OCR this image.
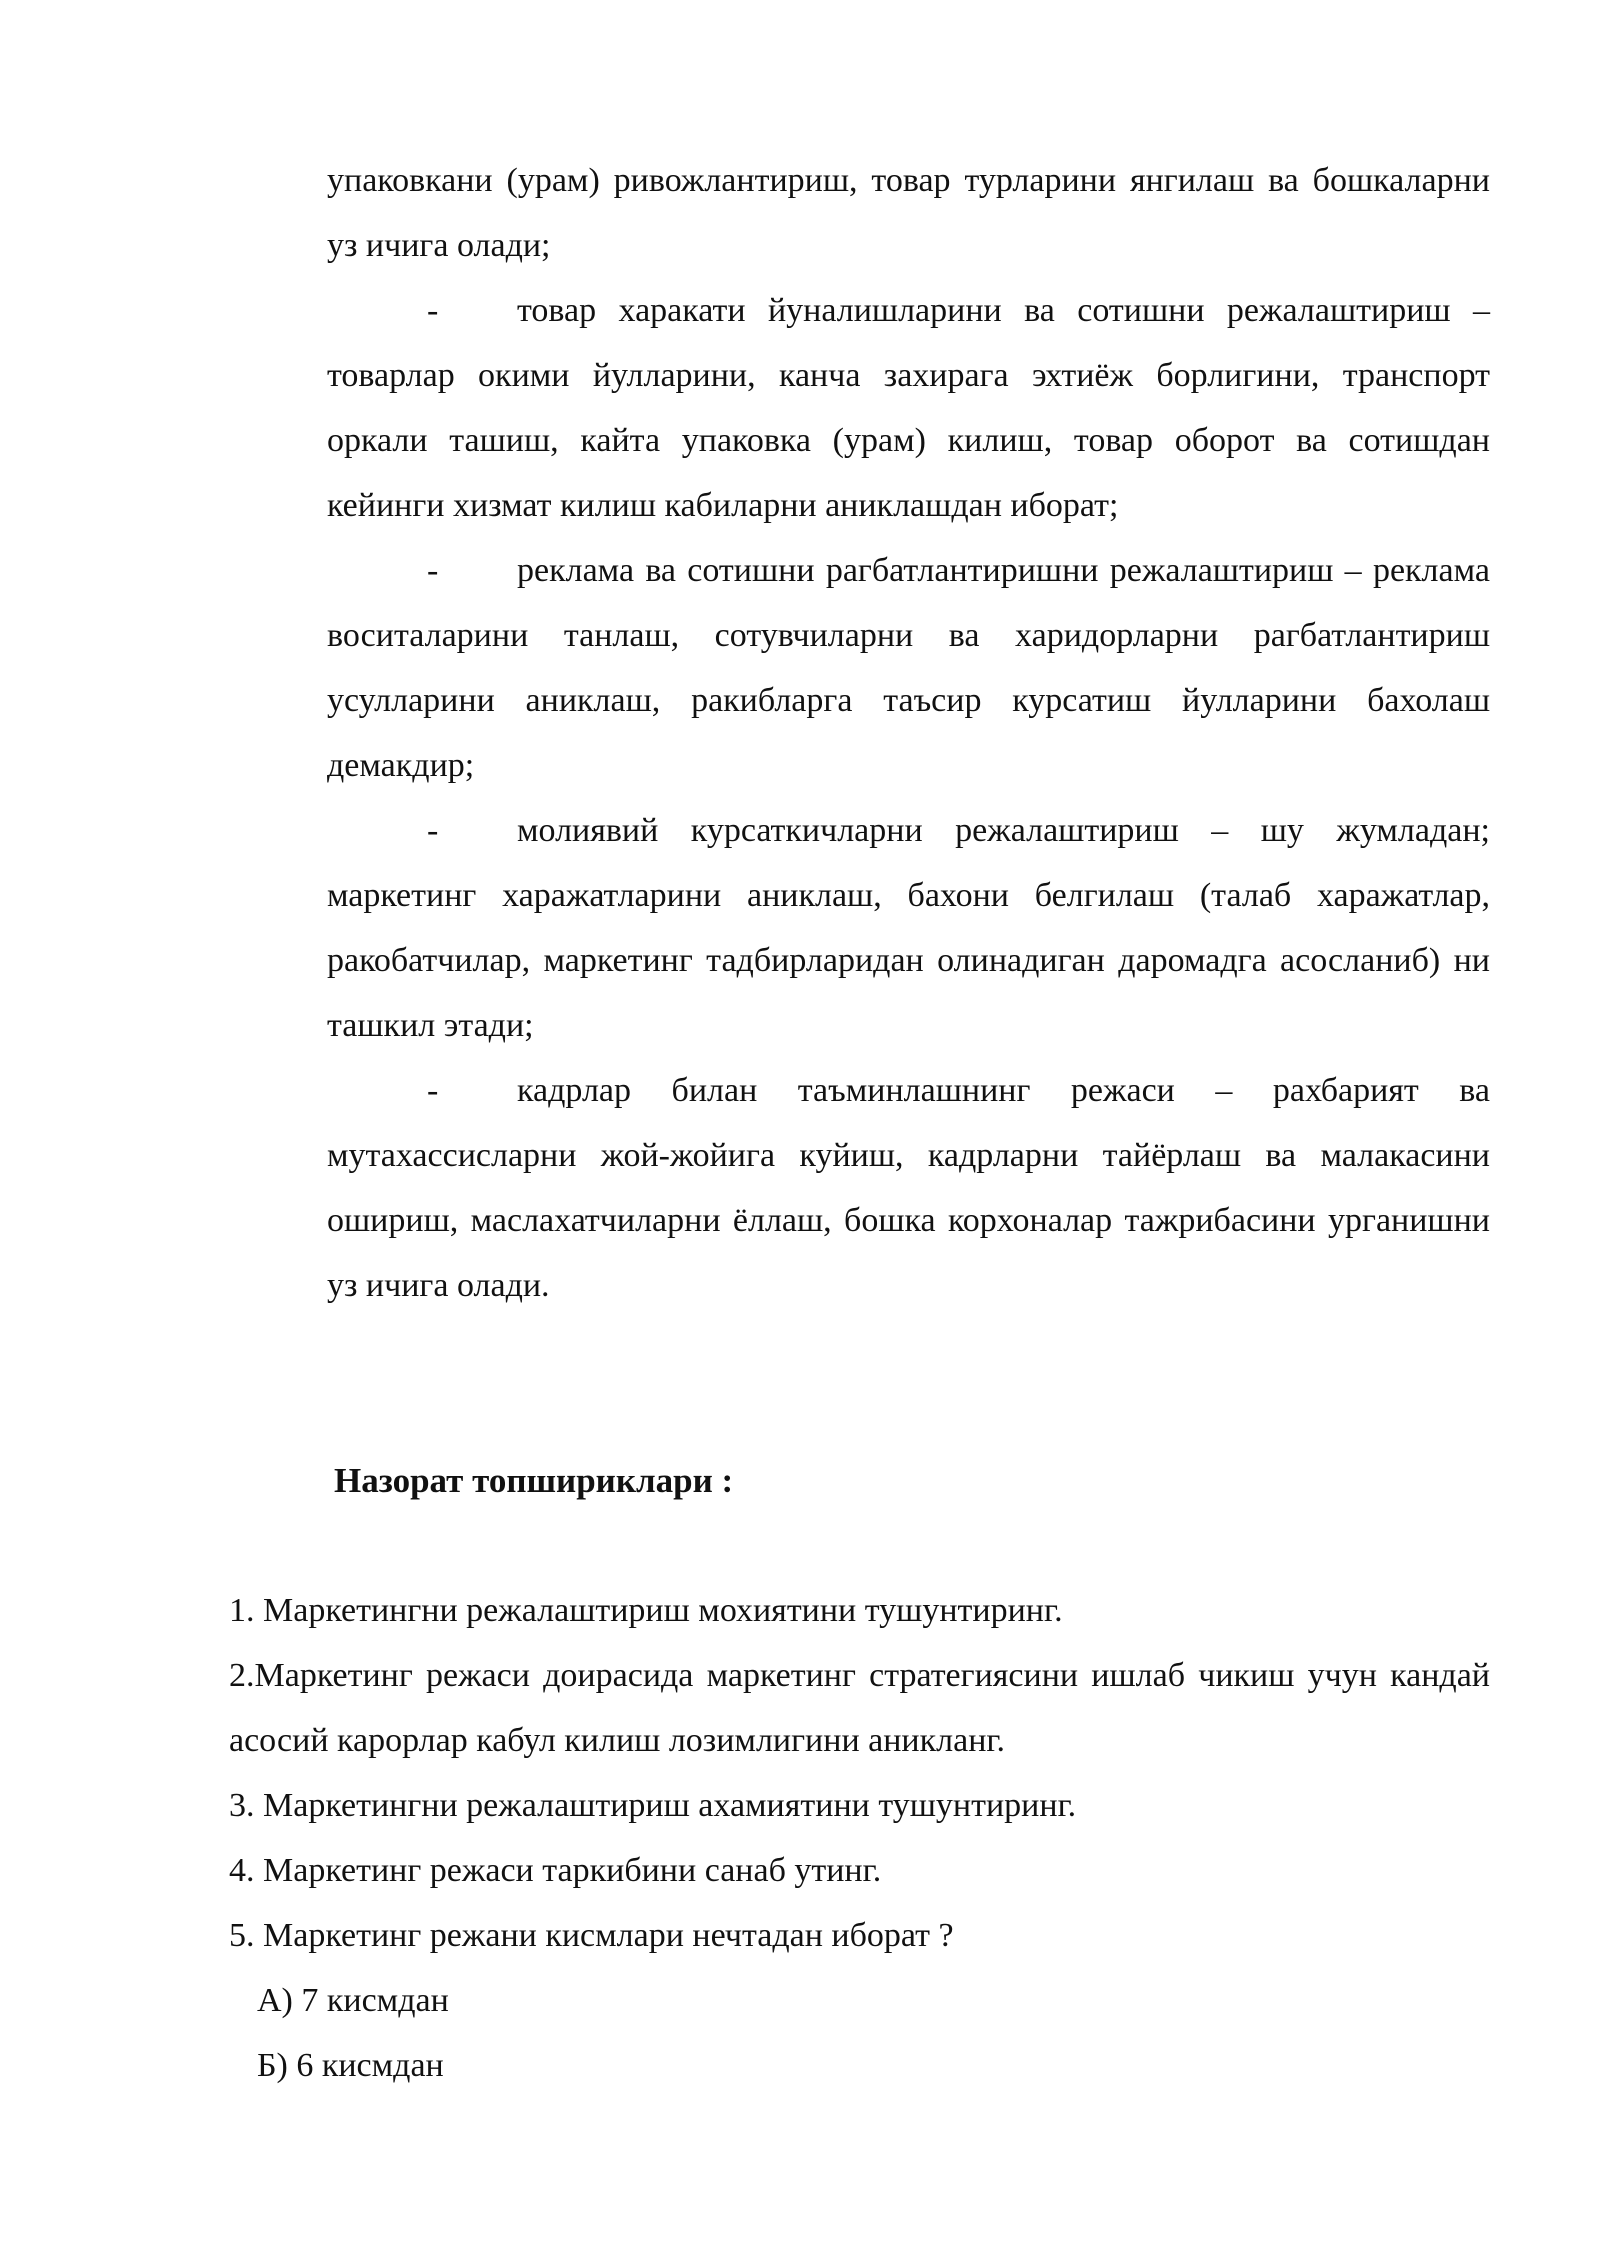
упаковкани (урам) ривожлантириш, товар турларини янгилаш ва бошкаларни уз ичига олади;

- товар харакати йуналишларини ва сотишни режалаштириш – товарлар окими йулларини, канча захирага эхтиёж борлигини, транспорт оркали ташиш, кайта упаковка (урам) килиш, товар оборот ва сотишдан кейинги хизмат килиш кабиларни аниклашдан иборат;

- реклама ва сотишни рагбатлантиришни режалаштириш – реклама воситаларини танлаш, сотувчиларни ва харидорларни рагбатлантириш усулларини аниклаш, ракибларга таъсир курсатиш йулларини бахолаш демакдир;

- молиявий курсаткичларни режалаштириш – шу жумладан; маркетинг харажатларини аниклаш, бахони белгилаш (талаб харажатлар, ракобатчилар, маркетинг тадбирларидан олинадиган даромадга асосланиб) ни ташкил этади;

- кадрлар билан таъминлашнинг режаси – рахбарият ва мутахассисларни жой-жойига куйиш, кадрларни тайёрлаш ва малакасини ошириш, маслахатчиларни ёллаш, бошка корхоналар тажрибасини урганишни уз ичига олади.

Назорат топшириклари :

1. Маркетингни режалаштириш мохиятини тушунтиринг.

2.Маркетинг режаси доирасида маркетинг стратегиясини ишлаб чикиш учун кандай асосий карорлар кабул килиш лозимлигини аникланг.

3. Маркетингни режалаштириш ахамиятини тушунтиринг.

4. Маркетинг режаси таркибини санаб утинг.

5. Маркетинг режани кисмлари нечтадан иборат ?

А) 7 кисмдан

Б) 6 кисмдан
